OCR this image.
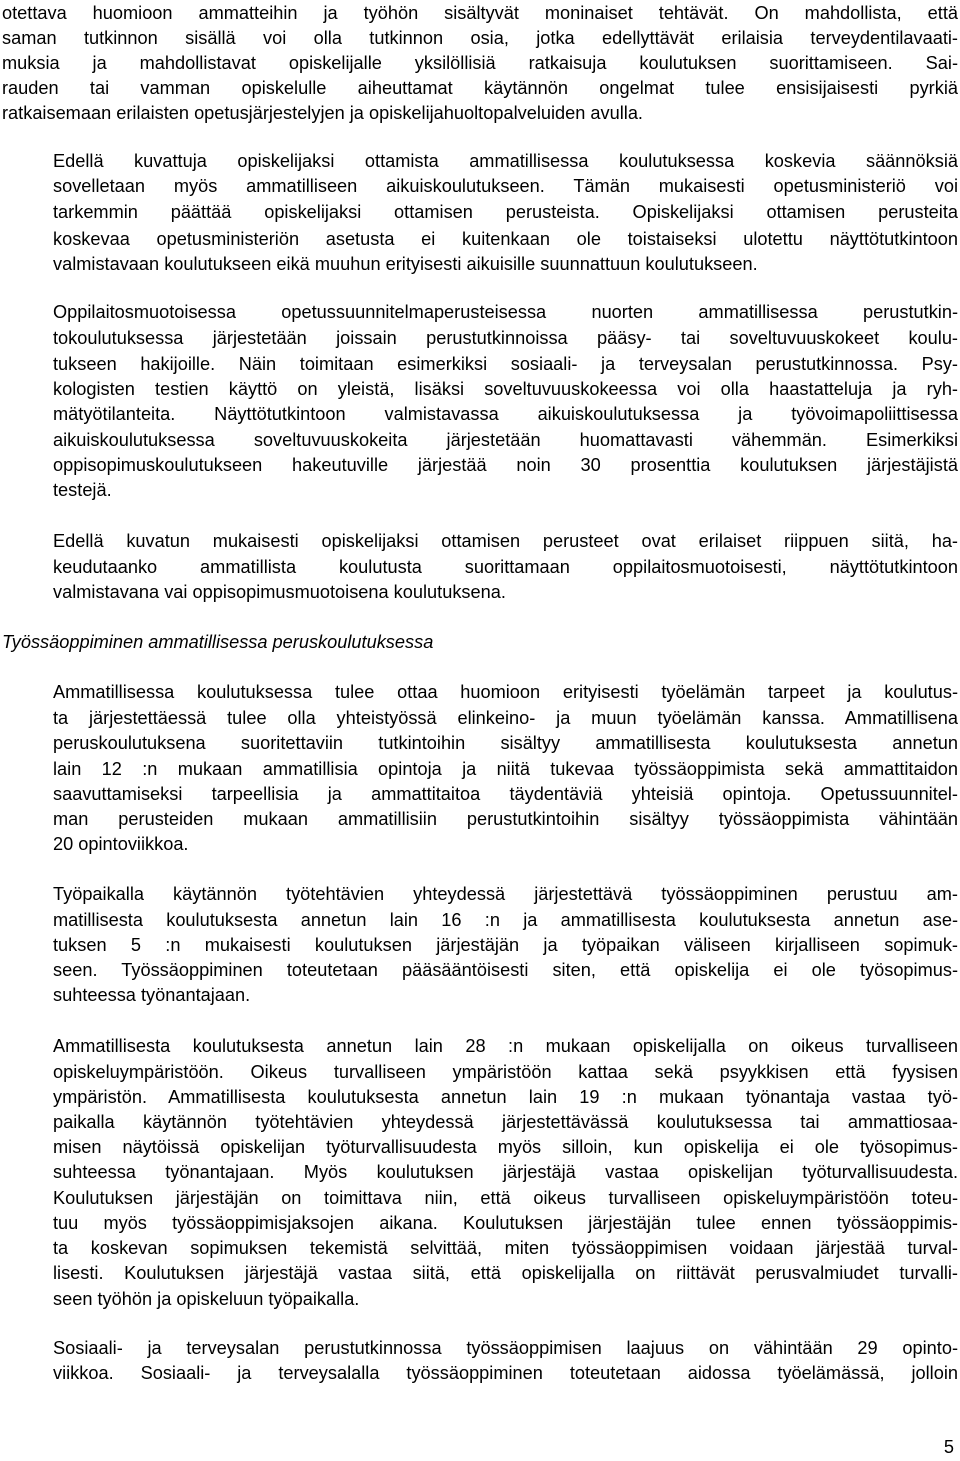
otettava huomioon ammatteihin ja työhön sisältyvät moninaiset tehtävät. On mahdollista, että
saman tutkinnon sisällä voi olla tutkinnon osia, jotka edellyttävät erilaisia terveydentilavaati-
muksia ja mahdollistavat opiskelijalle yksilöllisiä ratkaisuja koulutuksen suorittamiseen. Sai-
rauden tai vamman opiskelulle aiheuttamat käytännön ongelmat tulee ensisijaisesti pyrkiä
ratkaisemaan erilaisten opetusjärjestelyjen ja opiskelijahuoltopalveluiden avulla.
Edellä kuvattuja opiskelijaksi ottamista ammatillisessa koulutuksessa koskevia säännöksiä
sovelletaan myös ammatilliseen aikuiskoulutukseen. Tämän mukaisesti opetusministeriö voi
tarkemmin päättää opiskelijaksi ottamisen perusteista. Opiskelijaksi ottamisen perusteita
koskevaa opetusministeriön asetusta ei kuitenkaan ole toistaiseksi ulotettu näyttötutkintoon
valmistavaan koulutukseen eikä muuhun erityisesti aikuisille suunnattuun koulutukseen.
Oppilaitosmuotoisessa opetussuunnitelmaperusteisessa nuorten ammatillisessa perustutkin-
tokoulutuksessa järjestetään joissain perustutkinnoissa pääsy- tai soveltuvuuskokeet koulu-
tukseen hakijoille. Näin toimitaan esimerkiksi sosiaali- ja terveysalan perustutkinnossa. Psy-
kologisten testien käyttö on yleistä, lisäksi soveltuvuuskokeessa voi olla haastatteluja ja ryh-
mätyötilanteita. Näyttötutkintoon valmistavassa aikuiskoulutuksessa ja työvoimapoliittisessa
aikuiskoulutuksessa soveltuvuuskokeita järjestetään huomattavasti vähemmän. Esimerkiksi
oppisopimuskoulutukseen hakeutuville järjestää noin 30 prosenttia koulutuksen järjestäjistä
testejä.
Edellä kuvatun mukaisesti opiskelijaksi ottamisen perusteet ovat erilaiset riippuen siitä, ha-
keudutaanko ammatillista koulutusta suorittamaan oppilaitosmuotoisesti, näyttötutkintoon
valmistavana vai oppisopimusmuotoisena koulutuksena.
Työssäoppiminen ammatillisessa peruskoulutuksessa
Ammatillisessa koulutuksessa tulee ottaa huomioon erityisesti työelämän tarpeet ja koulutus-
ta järjestettäessä tulee olla yhteistyössä elinkeino- ja muun työelämän kanssa. Ammatillisena
peruskoulutuksena suoritettaviin tutkintoihin sisältyy ammatillisesta koulutuksesta annetun
lain 12 :n mukaan ammatillisia opintoja ja niitä tukevaa työssäoppimista sekä ammattitaidon
saavuttamiseksi tarpeellisia ja ammattitaitoa täydentäviä yhteisiä opintoja. Opetussuunnitel-
man perusteiden mukaan ammatillisiin perustutkintoihin sisältyy työssäoppimista vähintään
20 opintoviikkoa.
Työpaikalla käytännön työtehtävien yhteydessä järjestettävä työssäoppiminen perustuu am-
matillisesta koulutuksesta annetun lain 16 :n ja ammatillisesta koulutuksesta annetun ase-
tuksen 5 :n mukaisesti koulutuksen järjestäjän ja työpaikan väliseen kirjalliseen sopimuk-
seen. Työssäoppiminen toteutetaan pääsääntöisesti siten, että opiskelija ei ole työsopimus-
suhteessa työnantajaan.
Ammatillisesta koulutuksesta annetun lain 28 :n mukaan opiskelijalla on oikeus turvalliseen
opiskeluympäristöön. Oikeus turvalliseen ympäristöön kattaa sekä psyykkisen että fyysisen
ympäristön. Ammatillisesta koulutuksesta annetun lain 19 :n mukaan työnantaja vastaa työ-
paikalla käytännön työtehtävien yhteydessä järjestettävässä koulutuksessa tai ammattiosaa-
misen näytöissä opiskelijan työturvallisuudesta myös silloin, kun opiskelija ei ole työsopimus-
suhteessa työnantajaan. Myös koulutuksen järjestäjä vastaa opiskelijan työturvallisuudesta.
Koulutuksen järjestäjän on toimittava niin, että oikeus turvalliseen opiskeluympäristöön toteu-
tuu myös työssäoppimisjaksojen aikana. Koulutuksen järjestäjän tulee ennen työssäoppimis-
ta koskevan sopimuksen tekemistä selvittää, miten työssäoppimisen voidaan järjestää turval-
lisesti. Koulutuksen järjestäjä vastaa siitä, että opiskelijalla on riittävät perusvalmiudet turvalli-
seen työhön ja opiskeluun työpaikalla.
Sosiaali- ja terveysalan perustutkinnossa työssäoppimisen laajuus on vähintään 29 opinto-
viikkoa. Sosiaali- ja terveysalalla työssäoppiminen toteutetaan aidossa työelämässä, jolloin
5
